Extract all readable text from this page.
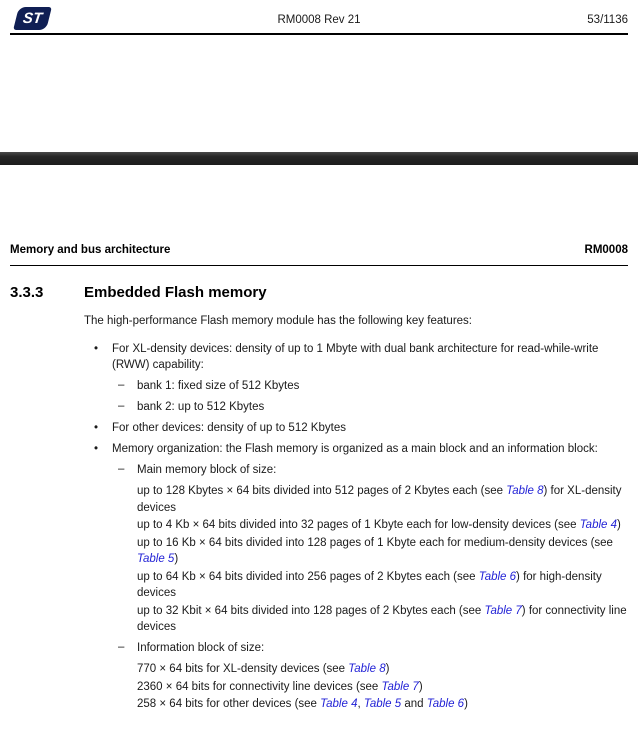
ST	RM0008 Rev 21	53/1136
Memory and bus architecture	RM0008
3.3.3	Embedded Flash memory
The high-performance Flash memory module has the following key features:
• For XL-density devices: density of up to 1 Mbyte with dual bank architecture for read-while-write (RWW) capability:
– bank 1: fixed size of 512 Kbytes
– bank 2: up to 512 Kbytes
• For other devices: density of up to 512 Kbytes
• Memory organization: the Flash memory is organized as a main block and an information block:
– Main memory block of size:
up to 128 Kbytes × 64 bits divided into 512 pages of 2 Kbytes each (see Table 8) for XL-density devices
up to 4 Kb × 64 bits divided into 32 pages of 1 Kbyte each for low-density devices (see Table 4)
up to 16 Kb × 64 bits divided into 128 pages of 1 Kbyte each for medium-density devices (see Table 5)
up to 64 Kb × 64 bits divided into 256 pages of 2 Kbytes each (see Table 6) for high-density devices
up to 32 Kbit × 64 bits divided into 128 pages of 2 Kbytes each (see Table 7) for connectivity line devices
– Information block of size:
770 × 64 bits for XL-density devices (see Table 8)
2360 × 64 bits for connectivity line devices (see Table 7)
258 × 64 bits for other devices (see Table 4, Table 5 and Table 6)
